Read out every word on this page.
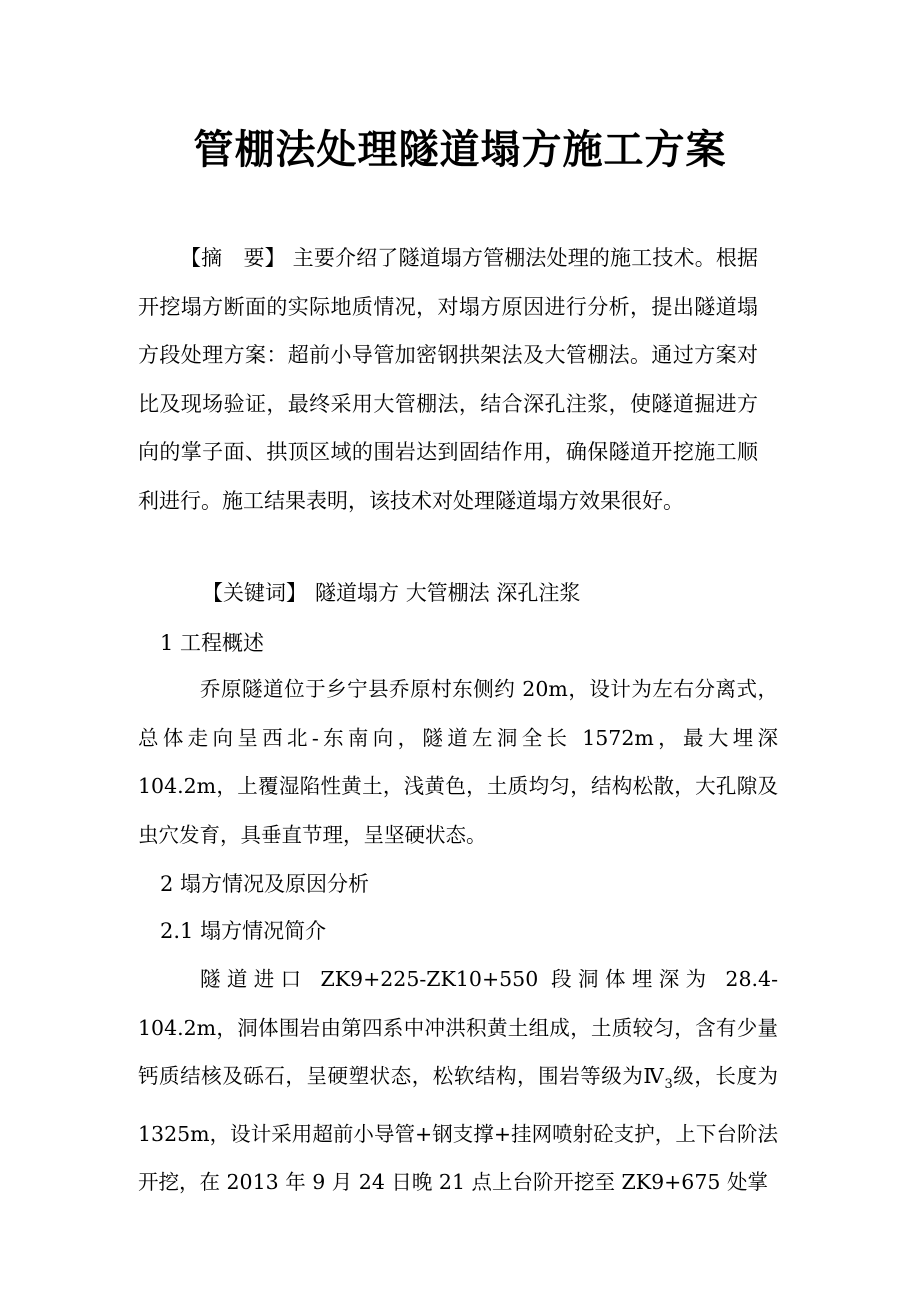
管棚法处理隧道塌方施工方案

【摘　要】 主要介绍了隧道塌方管棚法处理的施工技术。根据开挖塌方断面的实际地质情况，对塌方原因进行分析，提出隧道塌方段处理方案：超前小导管加密钢拱架法及大管棚法。通过方案对比及现场验证，最终采用大管棚法，结合深孔注浆，使隧道掘进方向的掌子面、拱顶区域的围岩达到固结作用，确保隧道开挖施工顺利进行。施工结果表明，该技术对处理隧道塌方效果很好。

【关键词】 隧道塌方 大管棚法 深孔注浆

1 工程概述

乔原隧道位于乡宁县乔原村东侧约 20m，设计为左右分离式，总体走向呈西北-东南向，隧道左洞全长 1572m，最大埋深 104.2m，上覆湿陷性黄土，浅黄色，土质均匀，结构松散，大孔隙及虫穴发育，具垂直节理，呈坚硬状态。

2 塌方情况及原因分析

2.1 塌方情况简介

隧道进口 ZK9+225-ZK10+550 段洞体埋深为 28.4-104.2m，洞体围岩由第四系中冲洪积黄土组成，土质较匀，含有少量钙质结核及砾石，呈硬塑状态，松软结构，围岩等级为$Ⅳ_3$级，长度为 1325m，设计采用超前小导管+钢支撑+挂网喷射砼支护，上下台阶法开挖，在 2013 年 9 月 24 日晚 21 点上台阶开挖至 ZK9+675 处掌
